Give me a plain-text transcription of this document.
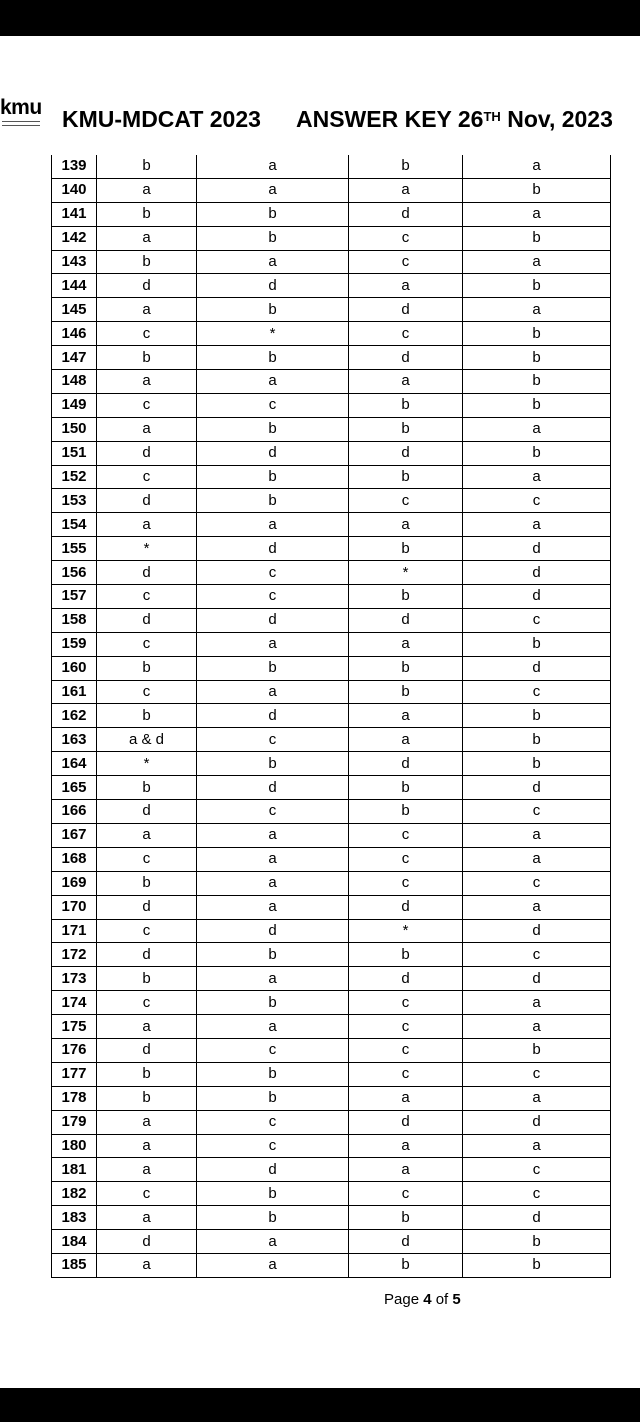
kmu KMU-MDCAT 2023 ANSWER KEY 26TH Nov, 2023
139	b	a	b	a
140	a	a	a	b
141	b	b	d	a
142	a	b	c	b
143	b	a	c	a
144	d	d	a	b
145	a	b	d	a
146	c	*	c	b
147	b	b	d	b
148	a	a	a	b
149	c	c	b	b
150	a	b	b	a
151	d	d	d	b
152	c	b	b	a
153	d	b	c	c
154	a	a	a	a
155	*	d	b	d
156	d	c	*	d
157	c	c	b	d
158	d	d	d	c
159	c	a	a	b
160	b	b	b	d
161	c	a	b	c
162	b	d	a	b
163	a & d	c	a	b
164	*	b	d	b
165	b	d	b	d
166	d	c	b	c
167	a	a	c	a
168	c	a	c	a
169	b	a	c	c
170	d	a	d	a
171	c	d	*	d
172	d	b	b	c
173	b	a	d	d
174	c	b	c	a
175	a	a	c	a
176	d	c	c	b
177	b	b	c	c
178	b	b	a	a
179	a	c	d	d
180	a	c	a	a
181	a	d	a	c
182	c	b	c	c
183	a	b	b	d
184	d	a	d	b
185	a	a	b	b
Page 4 of 5
